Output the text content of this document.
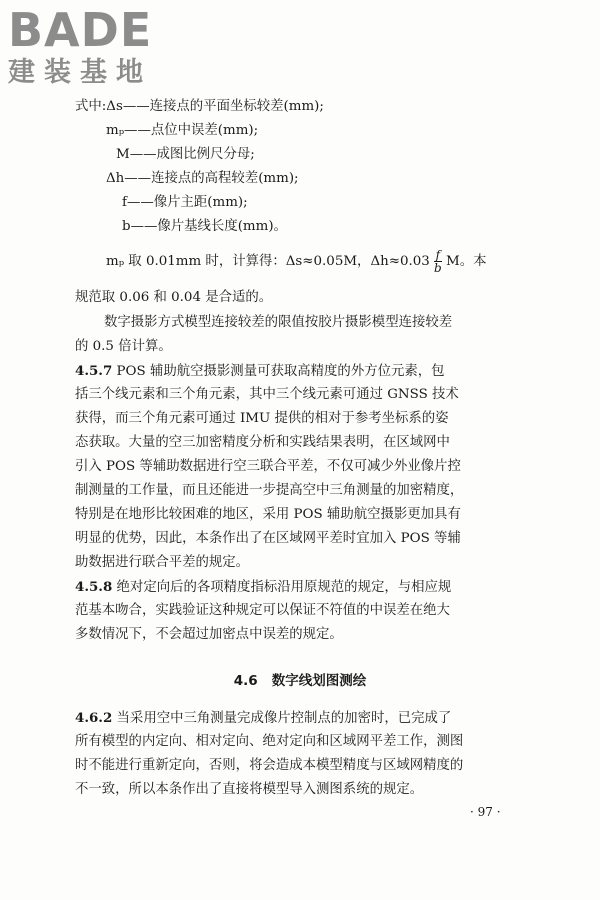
BADE
建装基地
式中:Δs——连接点的平面坐标较差(mm);
mₚ——点位中误差(mm);
M——成图比例尺分母;
Δh——连接点的高程较差(mm);
f——像片主距(mm);
b——像片基线长度(mm)。
mₚ 取 0.01mm 时，计算得：Δs≈0.05M，$\Delta h\approx 0.03 \frac{f}{b}$ M。本
规范取 0.06 和 0.04 是合适的。
数字摄影方式模型连接较差的限值按胶片摄影模型连接较差
的 0.5 倍计算。
4.5.7 POS 辅助航空摄影测量可获取高精度的外方位元素，包
括三个线元素和三个角元素，其中三个线元素可通过 GNSS 技术
获得，而三个角元素可通过 IMU 提供的相对于参考坐标系的姿
态获取。大量的空三加密精度分析和实践结果表明，在区域网中
引入 POS 等辅助数据进行空三联合平差，不仅可减少外业像片控
制测量的工作量，而且还能进一步提高空中三角测量的加密精度，
特别是在地形比较困难的地区，采用 POS 辅助航空摄影更加具有
明显的优势，因此，本条作出了在区域网平差时宜加入 POS 等辅
助数据进行联合平差的规定。
4.5.8 绝对定向后的各项精度指标沿用原规范的规定，与相应规
范基本吻合，实践验证这种规定可以保证不符值的中误差在绝大
多数情况下，不会超过加密点中误差的规定。
4.6 数字线划图测绘
4.6.2 当采用空中三角测量完成像片控制点的加密时，已完成了
所有模型的内定向、相对定向、绝对定向和区域网平差工作，测图
时不能进行重新定向，否则，将会造成本模型精度与区域网精度的
不一致，所以本条作出了直接将模型导入测图系统的规定。
· 97 ·
